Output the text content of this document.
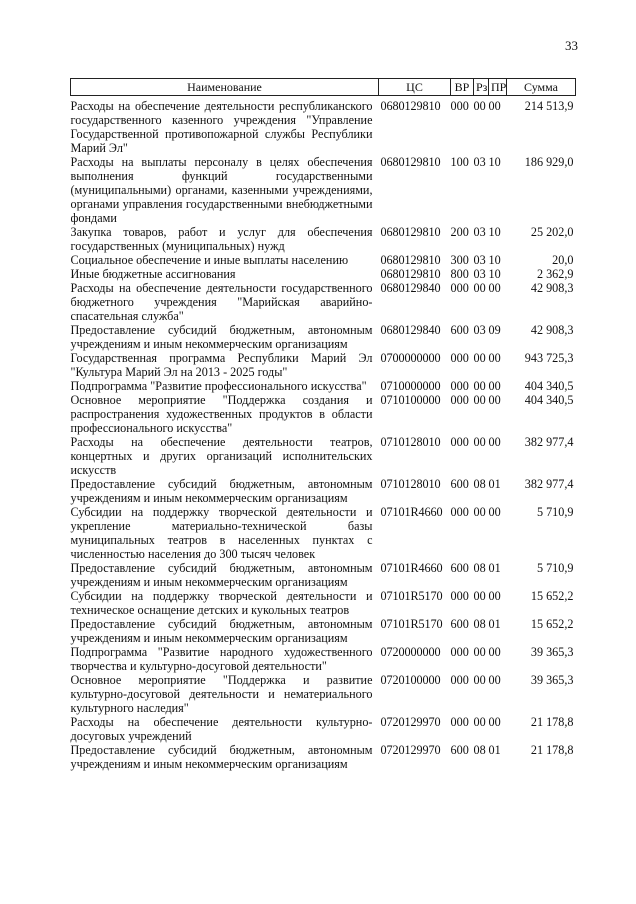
33
Наименование	ЦС	ВР	Рз	ПР	Сумма
Расходы на обеспечение деятельности республиканского государственного казенного учреждения "Управление Государственной противопожарной службы Республики Марий Эл"	0680129810	000	00	00	214 513,9
Расходы на выплаты персоналу в целях обеспечения выполнения функций государственными (муниципальными) органами, казенными учреждениями, органами управления государственными внебюджетными фондами	0680129810	100	03	10	186 929,0
Закупка товаров, работ и услуг для обеспечения государственных (муниципальных) нужд	0680129810	200	03	10	25 202,0
Социальное обеспечение и иные выплаты населению	0680129810	300	03	10	20,0
Иные бюджетные ассигнования	0680129810	800	03	10	2 362,9
Расходы на обеспечение деятельности государственного бюджетного учреждения "Марийская аварийно-спасательная служба"	0680129840	000	00	00	42 908,3
Предоставление субсидий бюджетным, автономным учреждениям и иным некоммерческим организациям	0680129840	600	03	09	42 908,3
Государственная программа Республики Марий Эл "Культура Марий Эл на 2013 - 2025 годы"	0700000000	000	00	00	943 725,3
Подпрограмма "Развитие профессионального искусства"	0710000000	000	00	00	404 340,5
Основное мероприятие "Поддержка создания и распространения художественных продуктов в области профессионального искусства"	0710100000	000	00	00	404 340,5
Расходы на обеспечение деятельности театров, концертных и других организаций исполнительских искусств	0710128010	000	00	00	382 977,4
Предоставление субсидий бюджетным, автономным учреждениям и иным некоммерческим организациям	0710128010	600	08	01	382 977,4
Субсидии на поддержку творческой деятельности и укрепление материально-технической базы муниципальных театров в населенных пунктах с численностью населения до 300 тысяч человек	07101R4660	000	00	00	5 710,9
Предоставление субсидий бюджетным, автономным учреждениям и иным некоммерческим организациям	07101R4660	600	08	01	5 710,9
Субсидии на поддержку творческой деятельности и техническое оснащение детских и кукольных театров	07101R5170	000	00	00	15 652,2
Предоставление субсидий бюджетным, автономным учреждениям и иным некоммерческим организациям	07101R5170	600	08	01	15 652,2
Подпрограмма "Развитие народного художественного творчества и культурно-досуговой деятельности"	0720000000	000	00	00	39 365,3
Основное мероприятие "Поддержка и развитие культурно-досуговой деятельности и нематериального культурного наследия"	0720100000	000	00	00	39 365,3
Расходы на обеспечение деятельности культурно-досуговых учреждений	0720129970	000	00	00	21 178,8
Предоставление субсидий бюджетным, автономным учреждениям и иным некоммерческим организациям	0720129970	600	08	01	21 178,8
